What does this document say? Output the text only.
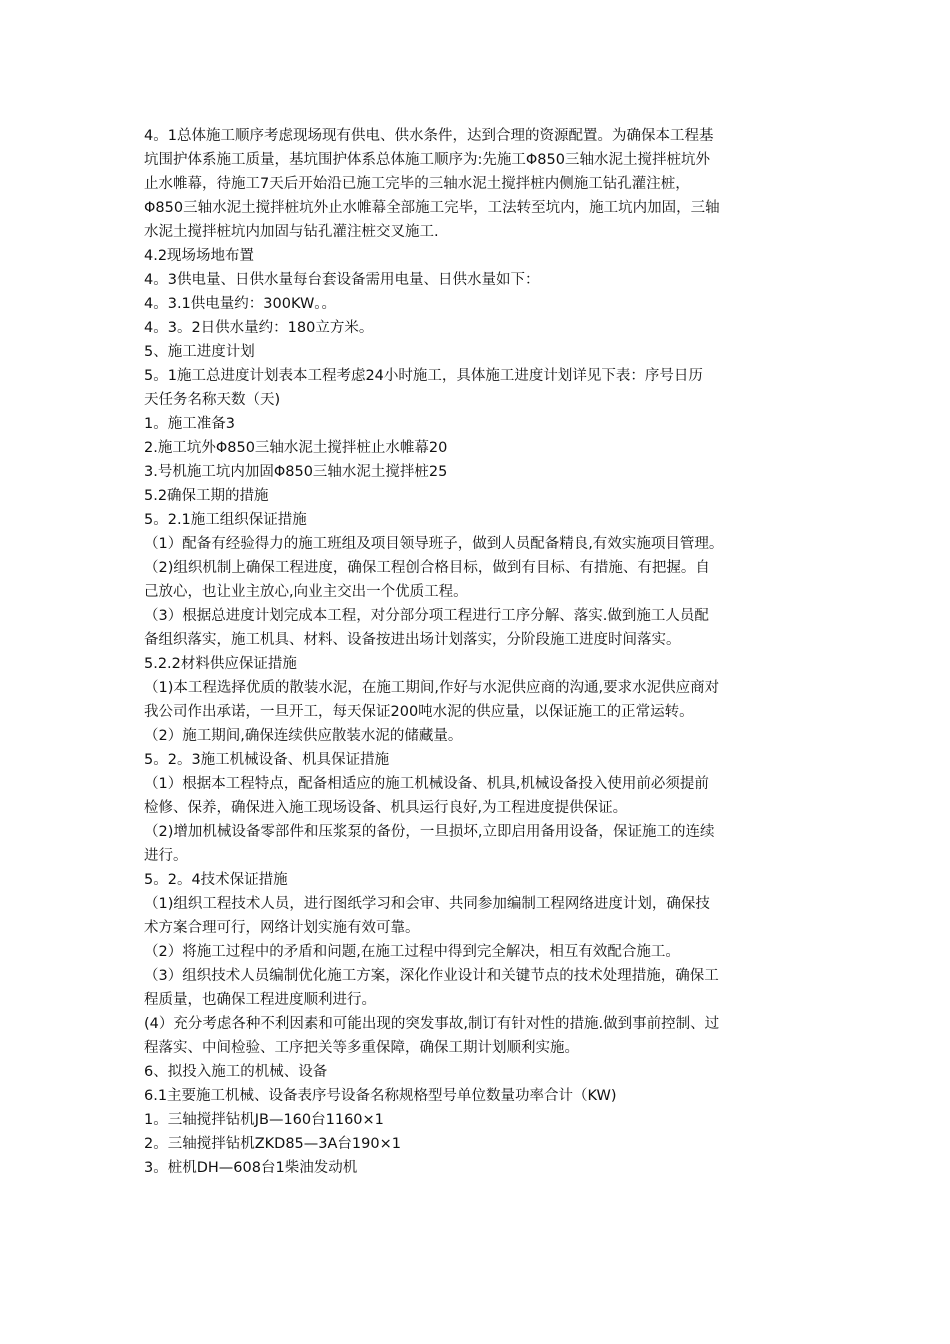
4。1总体施工顺序考虑现场现有供电、供水条件，达到合理的资源配置。为确保本工程基
坑围护体系施工质量，基坑围护体系总体施工顺序为:先施工Φ850三轴水泥土搅拌桩坑外
止水帷幕，待施工7天后开始沿已施工完毕的三轴水泥土搅拌桩内侧施工钻孔灌注桩，
Φ850三轴水泥土搅拌桩坑外止水帷幕全部施工完毕，工法转至坑内，施工坑内加固，三轴
水泥土搅拌桩坑内加固与钻孔灌注桩交叉施工.
4.2现场场地布置
4。3供电量、日供水量每台套设备需用电量、日供水量如下：
4。3.1供电量约：300KW。。
4。3。2日供水量约：180立方米。
5、施工进度计划
5。1施工总进度计划表本工程考虑24小时施工，具体施工进度计划详见下表：序号日历
天任务名称天数（天)
1。施工准备3
2.施工坑外Φ850三轴水泥土搅拌桩止水帷幕20
3.号机施工坑内加固Φ850三轴水泥土搅拌桩25
5.2确保工期的措施
5。2.1施工组织保证措施
（1）配备有经验得力的施工班组及项目领导班子，做到人员配备精良,有效实施项目管理。
（2)组织机制上确保工程进度，确保工程创合格目标，做到有目标、有措施、有把握。自
己放心，也让业主放心,向业主交出一个优质工程。
（3）根据总进度计划完成本工程，对分部分项工程进行工序分解、落实.做到施工人员配
备组织落实，施工机具、材料、设备按进出场计划落实，分阶段施工进度时间落实。
5.2.2材料供应保证措施
（1)本工程选择优质的散装水泥，在施工期间,作好与水泥供应商的沟通,要求水泥供应商对
我公司作出承诺，一旦开工，每天保证200吨水泥的供应量，以保证施工的正常运转。
（2）施工期间,确保连续供应散装水泥的储藏量。
5。2。3施工机械设备、机具保证措施
（1）根据本工程特点，配备相适应的施工机械设备、机具,机械设备投入使用前必须提前
检修、保养，确保进入施工现场设备、机具运行良好,为工程进度提供保证。
（2)增加机械设备零部件和压浆泵的备份，一旦损坏,立即启用备用设备，保证施工的连续
进行。
5。2。4技术保证措施
（1)组织工程技术人员，进行图纸学习和会审、共同参加编制工程网络进度计划，确保技
术方案合理可行，网络计划实施有效可靠。
（2）将施工过程中的矛盾和问题,在施工过程中得到完全解决，相互有效配合施工。
（3）组织技术人员编制优化施工方案，深化作业设计和关键节点的技术处理措施，确保工
程质量，也确保工程进度顺利进行。
(4）充分考虑各种不利因素和可能出现的突发事故,制订有针对性的措施.做到事前控制、过
程落实、中间检验、工序把关等多重保障，确保工期计划顺利实施。
6、拟投入施工的机械、设备
6.1主要施工机械、设备表序号设备名称规格型号单位数量功率合计（KW)
1。三轴搅拌钻机JB—160台1160×1
2。三轴搅拌钻机ZKD85—3A台190×1
3。桩机DH—608台1柴油发动机
